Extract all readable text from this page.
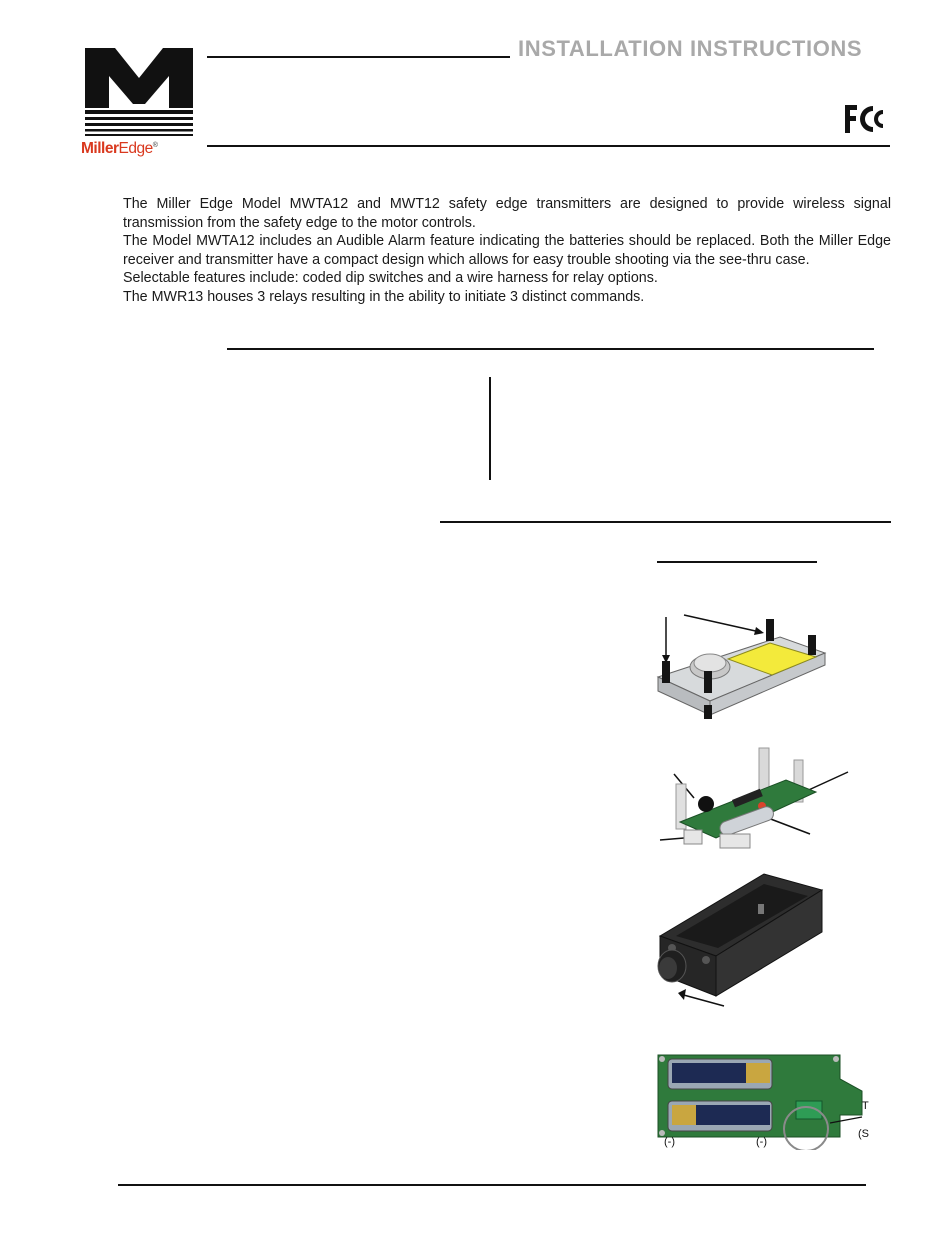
MillerEdge®
INSTALLATION INSTRUCTIONS

The Miller Edge Model MWTA12 and MWT12 safety edge transmitters are designed to provide wireless signal transmission from the safety edge to the motor controls.

The Model MWTA12 includes an Audible Alarm feature indicating the batteries should be replaced. Both the Miller Edge receiver and transmitter have a compact design which allows for easy trouble shooting via the see-thru case.

Selectable features include: coded dip switches and a wire harness for relay options.

The MWR13 houses 3 relays resulting in the ability to initiate 3 distinct commands.

(-)	(-)
T
(S
